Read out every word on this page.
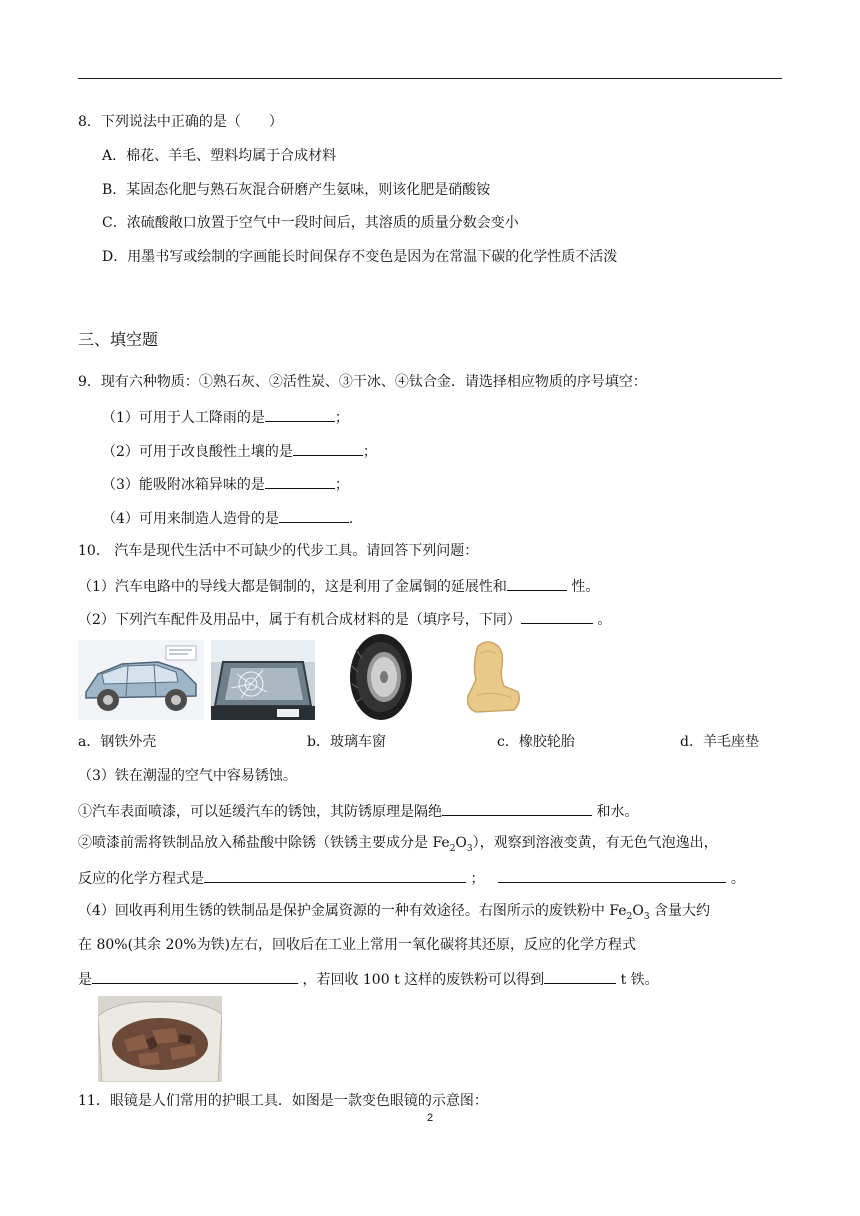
8．下列说法中正确的是（　　）
A．棉花、羊毛、塑料均属于合成材料
B．某固态化肥与熟石灰混合研磨产生氨味，则该化肥是硝酸铵
C．浓硫酸敞口放置于空气中一段时间后，其溶质的质量分数会变小
D．用墨书写或绘制的字画能长时间保存不变色是因为在常温下碳的化学性质不活泼
三、填空题
9．现有六种物质：①熟石灰、②活性炭、③干冰、④钛合金．请选择相应物质的序号填空：
（1）可用于人工降雨的是	；
（2）可用于改良酸性土壤的是	；
（3）能吸附冰箱异味的是	；
（4）可用来制造人造骨的是	.
10． 汽车是现代生活中不可缺少的代步工具。请回答下列问题：
（1）汽车电路中的导线大都是铜制的，这是利用了金属铜的延展性和	性。
（2）下列汽车配件及用品中，属于有机合成材料的是（填序号，下同）	。
a．钢铁外壳	b．玻璃车窗	c．橡胶轮胎	d．羊毛座垫
（3）铁在潮湿的空气中容易锈蚀。
①汽车表面喷漆，可以延缓汽车的锈蚀，其防锈原理是隔绝	和水。
②喷漆前需将铁制品放入稀盐酸中除锈（铁锈主要成分是 $Fe_2O_3$），观察到溶液变黄，有无色气泡逸出，
反应的化学方程式是	；	。
（4）回收再利用生锈的铁制品是保护金属资源的一种有效途径。右图所示的废铁粉中 $Fe_2O_3$ 含量大约
在 80%(其余 20%为铁)左右，回收后在工业上常用一氧化碳将其还原，反应的化学方程式
是	，若回收 100 t 这样的废铁粉可以得到	t 铁。
11．眼镜是人们常用的护眼工具．如图是一款变色眼镜的示意图：
2
